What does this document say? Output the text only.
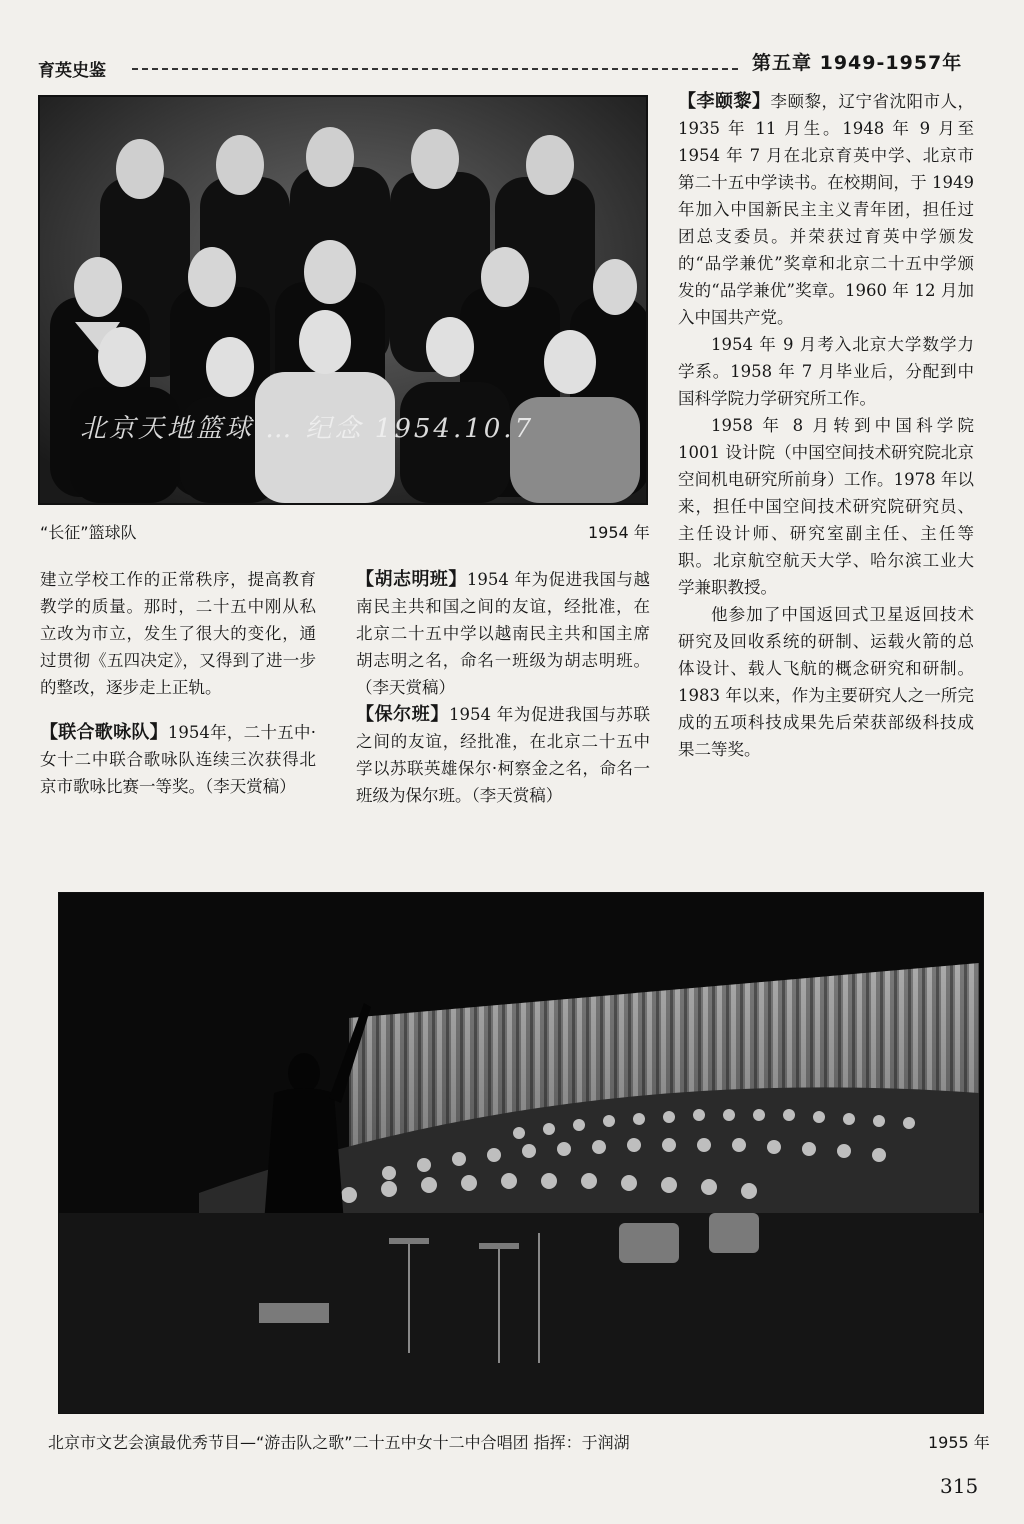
育英史鉴	第五章 1949-1957年
北京天地篮球 … 纪念 1954.10.7
“长征”篮球队	1954 年

建立学校工作的正常秩序，提高教育教学的质量。那时，二十五中刚从私立改为市立，发生了很大的变化，通过贯彻《五四决定》，又得到了进一步的整改，逐步走上正轨。

【联合歌咏队】1954年，二十五中·女十二中联合歌咏队连续三次获得北京市歌咏比赛一等奖。（李天赏稿）

【胡志明班】1954 年为促进我国与越南民主共和国之间的友谊，经批准，在北京二十五中学以越南民主共和国主席胡志明之名，命名一班级为胡志明班。（李天赏稿）

【保尔班】1954 年为促进我国与苏联之间的友谊，经批准，在北京二十五中学以苏联英雄保尔·柯察金之名，命名一班级为保尔班。（李天赏稿）

【李颐黎】李颐黎，辽宁省沈阳市人，1935 年 11 月生。1948 年 9 月至 1954 年 7 月在北京育英中学、北京市第二十五中学读书。在校期间，于 1949 年加入中国新民主主义青年团，担任过团总支委员。并荣获过育英中学颁发的“品学兼优”奖章和北京二十五中学颁发的“品学兼优”奖章。1960 年 12 月加入中国共产党。

1954 年 9 月考入北京大学数学力学系。1958 年 7 月毕业后，分配到中国科学院力学研究所工作。

1958 年 8 月转到中国科学院 1001 设计院（中国空间技术研究院北京空间机电研究所前身）工作。1978 年以来，担任中国空间技术研究院研究员、主任设计师、研究室副主任、主任等职。北京航空航天大学、哈尔滨工业大学兼职教授。

他参加了中国返回式卫星返回技术研究及回收系统的研制、运载火箭的总体设计、载人飞航的概念研究和研制。1983 年以来，作为主要研究人之一所完成的五项科技成果先后荣获部级科技成果二等奖。

北京市文艺会演最优秀节目—“游击队之歌”二十五中女十二中合唱团 指挥：于润湖	1955 年
315
